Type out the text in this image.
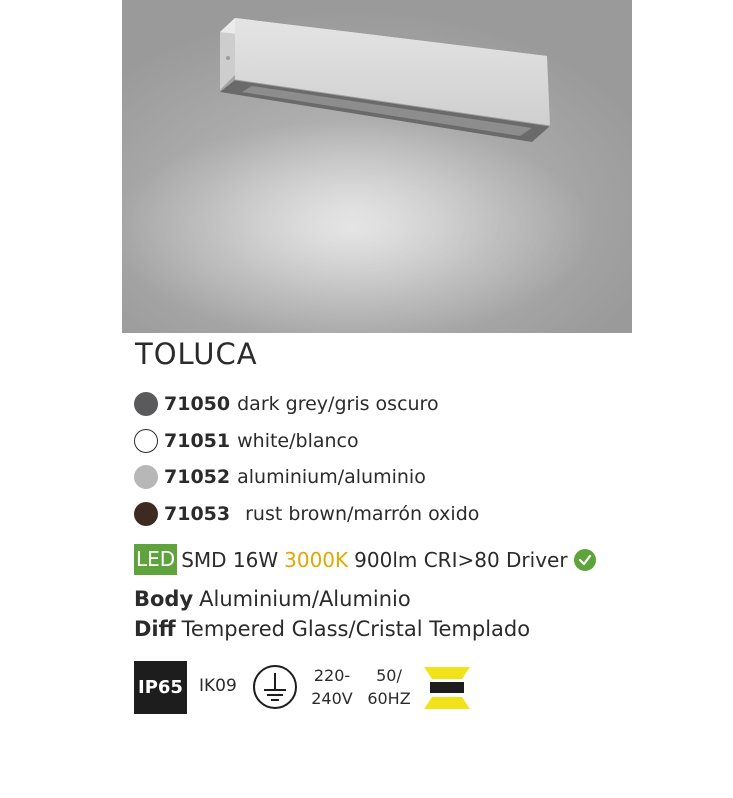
TOLUCA
71050 dark grey/gris oscuro
71051 white/blanco
71052 aluminium/aluminio
71053 rust brown/marrón oxido
LED SMD 16W 3000K 900lm CRI>80 Driver
Body Aluminium/Aluminio
Diff Tempered Glass/Cristal Templado
IP65 IK09
220-
240V
50/
60HZ
